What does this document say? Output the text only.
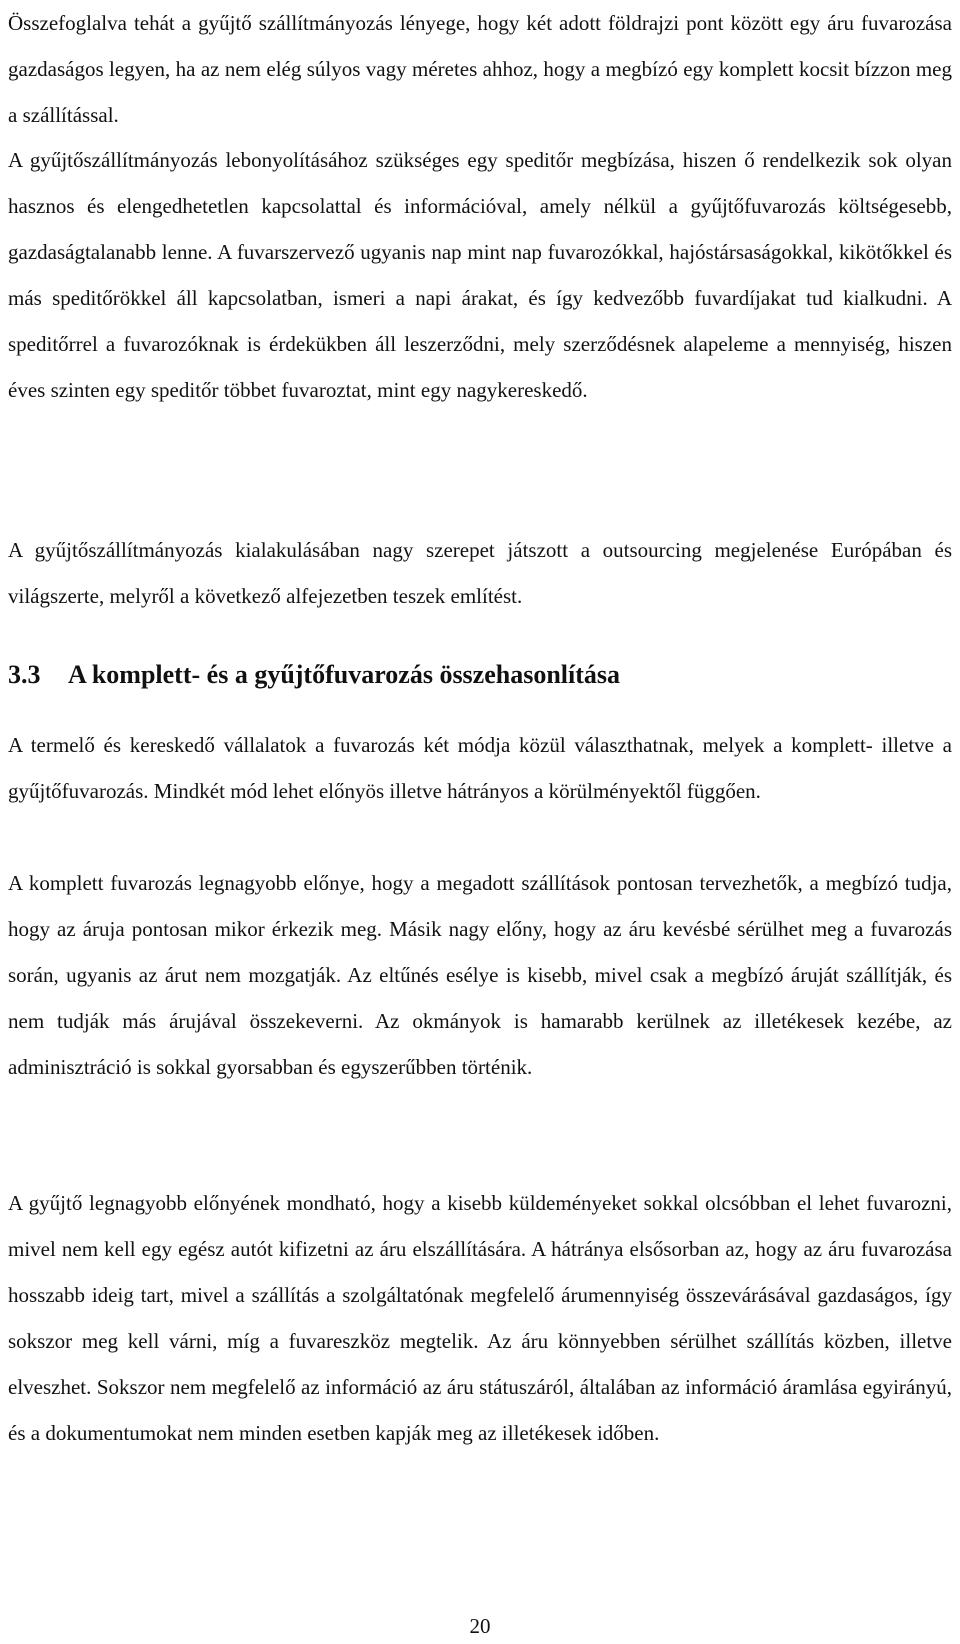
Összefoglalva tehát a gyűjtő szállítmányozás lényege, hogy két adott földrajzi pont között egy áru fuvarozása gazdaságos legyen, ha az nem elég súlyos vagy méretes ahhoz, hogy a megbízó egy komplett kocsit bízzon meg a szállítással.

A gyűjtőszállítmányozás lebonyolításához szükséges egy speditőr megbízása, hiszen ő rendelkezik sok olyan hasznos és elengedhetetlen kapcsolattal és információval, amely nélkül a gyűjtőfuvarozás költségesebb, gazdaságtalanabb lenne. A fuvarszervező ugyanis nap mint nap fuvarozókkal, hajóstársaságokkal, kikötőkkel és más speditőrökkel áll kapcsolatban, ismeri a napi árakat, és így kedvezőbb fuvardíjakat tud kialkudni. A speditőrrel a fuvarozóknak is érdekükben áll leszerződni, mely szerződésnek alapeleme a mennyiség, hiszen éves szinten egy speditőr többet fuvaroztat, mint egy nagykereskedő.

A gyűjtőszállítmányozás kialakulásában nagy szerepet játszott a outsourcing megjelenése Európában és világszerte, melyről a következő alfejezetben teszek említést.

3.3 A komplett- és a gyűjtőfuvarozás összehasonlítása

A termelő és kereskedő vállalatok a fuvarozás két módja közül választhatnak, melyek a komplett- illetve a gyűjtőfuvarozás. Mindkét mód lehet előnyös illetve hátrányos a körülményektől függően.

A komplett fuvarozás legnagyobb előnye, hogy a megadott szállítások pontosan tervezhetők, a megbízó tudja, hogy az áruja pontosan mikor érkezik meg. Másik nagy előny, hogy az áru kevésbé sérülhet meg a fuvarozás során, ugyanis az árut nem mozgatják. Az eltűnés esélye is kisebb, mivel csak a megbízó áruját szállítják, és nem tudják más árujával összekeverni. Az okmányok is hamarabb kerülnek az illetékesek kezébe, az adminisztráció is sokkal gyorsabban és egyszerűbben történik.

A gyűjtő legnagyobb előnyének mondható, hogy a kisebb küldeményeket sokkal olcsóbban el lehet fuvarozni, mivel nem kell egy egész autót kifizetni az áru elszállítására. A hátránya elsősorban az, hogy az áru fuvarozása hosszabb ideig tart, mivel a szállítás a szolgáltatónak megfelelő árumennyiség összevárásával gazdaságos, így sokszor meg kell várni, míg a fuvareszköz megtelik. Az áru könnyebben sérülhet szállítás közben, illetve elveszhet. Sokszor nem megfelelő az információ az áru státuszáról, általában az információ áramlása egyirányú, és a dokumentumokat nem minden esetben kapják meg az illetékesek időben.

20
